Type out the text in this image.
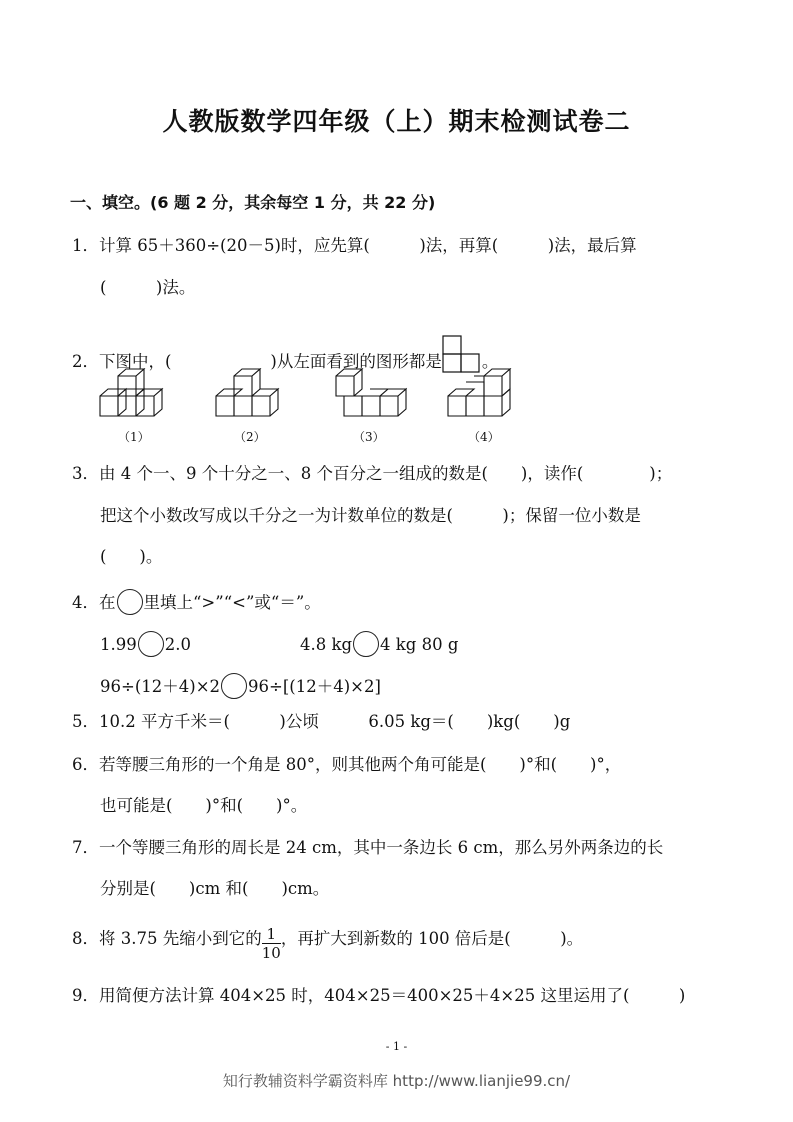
人教版数学四年级（上）期末检测试卷二
一、填空。(6 题 2 分，其余每空 1 分，共 22 分)
1．计算 65＋360÷(20－5)时，应先算(　　　)法，再算(　　　)法，最后算
(　　　)法。
2．下图中，(　　　　　　)从左面看到的图形都是 。
（1）	（2）	（3）	（4）
3．由 4 个一、9 个十分之一、8 个百分之一组成的数是(　　)，读作(　　　　)；
把这个小数改写成以千分之一为计数单位的数是(　　　)；保留一位小数是
(　　)。
4．在 里填上“>”“<”或“＝”。
1.99 2.0	4.8 kg 4 kg 80 g
96÷(12＋4)×2 96÷[(12＋4)×2]
5．10.2 平方千米＝(　　　)公顷　　　6.05 kg＝(　　)kg(　　)g
6．若等腰三角形的一个角是 80°，则其他两个角可能是(　　)°和(　　)°，
也可能是(　　)°和(　　)°。
7．一个等腰三角形的周长是 24 cm，其中一条边长 6 cm，那么另外两条边的长
分别是(　　)cm 和(　　)cm。
8．将 3.75 先缩小到它的 $\frac{1}{10}$ ，再扩大到新数的 100 倍后是(　　　)。
9．用简便方法计算 404×25 时，404×25＝400×25＋4×25 这里运用了(　　　)
- 1 -
知行教辅资料学霸资料库 http://www.lianjie99.cn/
